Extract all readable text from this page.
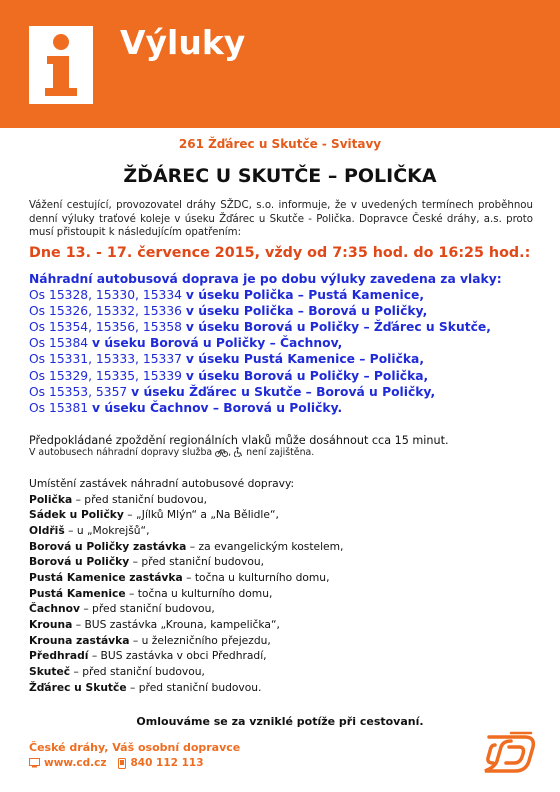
Výluky
261 Žďárec u Skutče - Svitavy
ŽĎÁREC U SKUTČE – POLIČKA
Vážení cestující, provozovatel dráhy SŽDC, s.o. informuje, že v uvedených termínech proběhnou denní výluky traťové koleje v úseku Žďárec u Skutče - Polička. Dopravce České dráhy, a.s. proto musí přistoupit k následujícím opatřením:
Dne 13. - 17. července 2015, vždy od 7:35 hod. do 16:25 hod.:
Náhradní autobusová doprava je po dobu výluky zavedena za vlaky:
Os 15328, 15330, 15334 v úseku Polička – Pustá Kamenice,
Os 15326, 15332, 15336 v úseku Polička – Borová u Poličky,
Os 15354, 15356, 15358 v úseku Borová u Poličky – Žďárec u Skutče,
Os 15384 v úseku Borová u Poličky – Čachnov,
Os 15331, 15333, 15337 v úseku Pustá Kamenice – Polička,
Os 15329, 15335, 15339 v úseku Borová u Poličky – Polička,
Os 15353, 5357 v úseku Žďárec u Skutče – Borová u Poličky,
Os 15381 v úseku Čachnov – Borová u Poličky.
Předpokládané zpoždění regionálních vlaků může dosáhnout cca 15 minut.
V autobusech náhradní dopravy služba ,  není zajištěna.
Umístění zastávek náhradní autobusové dopravy:
Polička – před staniční budovou,
Sádek u Poličky – „Jílků Mlýn“ a „Na Bělidle“,
Oldřiš – u „Mokrejšů“,
Borová u Poličky zastávka – za evangelickým kostelem,
Borová u Poličky – před staniční budovou,
Pustá Kamenice zastávka – točna u kulturního domu,
Pustá Kamenice – točna u kulturního domu,
Čachnov – před staniční budovou,
Krouna – BUS zastávka „Krouna, kampelička“,
Krouna zastávka – u železničního přejezdu,
Předhradí – BUS zastávka v obci Předhradí,
Skuteč – před staniční budovou,
Žďárec u Skutče – před staniční budovou.
Omlouváme se za vzniklé potíže při cestovaní.
České dráhy, Váš osobní dopravce
www.cd.cz 840 112 113
